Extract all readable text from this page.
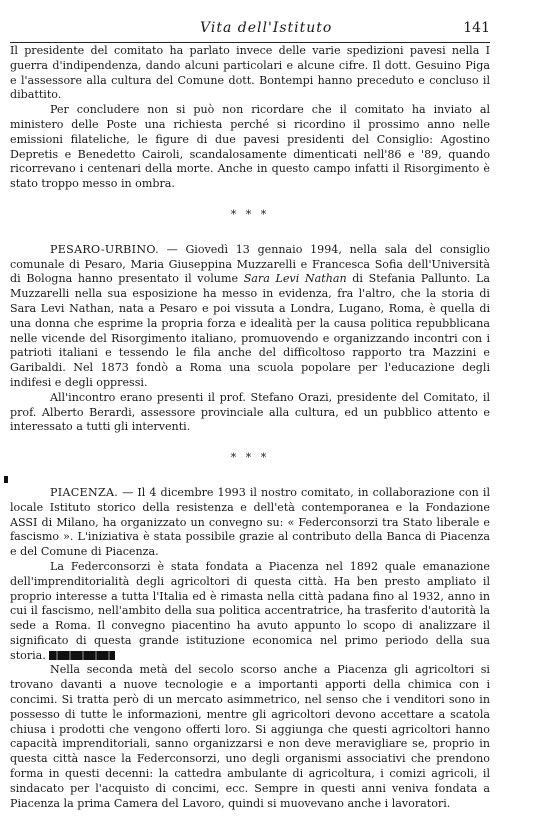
Vita dell'Istituto	141

Il presidente del comitato ha parlato invece delle varie spedizioni pavesi nella I guerra d'indipendenza, dando alcuni particolari e alcune cifre. Il dott. Gesuino Piga e l'assessore alla cultura del Comune dott. Bontempi hanno preceduto e concluso il dibattito.

Per concludere non si può non ricordare che il comitato ha inviato al ministero delle Poste una richiesta perché si ricordino il prossimo anno nelle emissioni filateliche, le figure di due pavesi presidenti del Consiglio: Agostino Depretis e Benedetto Cairoli, scandalosamente dimenticati nell'86 e '89, quando ricorrevano i centenari della morte. Anche in questo campo infatti il Risorgimento è stato troppo messo in ombra.

* * *

PESARO-URBINO. — Giovedì 13 gennaio 1994, nella sala del consiglio comunale di Pesaro, Maria Giuseppina Muzzarelli e Francesca Sofia dell'Università di Bologna hanno presentato il volume Sara Levi Nathan di Stefania Pallunto. La Muzzarelli nella sua esposizione ha messo in evidenza, fra l'altro, che la storia di Sara Levi Nathan, nata a Pesaro e poi vissuta a Londra, Lugano, Roma, è quella di una donna che esprime la propria forza e idealità per la causa politica repubblicana nelle vicende del Risorgimento italiano, promuovendo e organizzando incontri con i patrioti italiani e tessendo le fila anche del difficoltoso rapporto tra Mazzini e Garibaldi. Nel 1873 fondò a Roma una scuola popolare per l'educazione degli indifesi e degli oppressi.

All'incontro erano presenti il prof. Stefano Orazi, presidente del Comitato, il prof. Alberto Berardi, assessore provinciale alla cultura, ed un pubblico attento e interessato a tutti gli interventi.

* * *

PIACENZA. — Il 4 dicembre 1993 il nostro comitato, in collaborazione con il locale Istituto storico della resistenza e dell'età contemporanea e la Fondazione ASSI di Milano, ha organizzato un convegno su: « Federconsorzi tra Stato liberale e fascismo ». L'iniziativa è stata possibile grazie al contributo della Banca di Piacenza e del Comune di Piacenza.

La Federconsorzi è stata fondata a Piacenza nel 1892 quale emanazione dell'imprenditorialità degli agricoltori di questa città. Ha ben presto ampliato il proprio interesse a tutta l'Italia ed è rimasta nella città padana fino al 1932, anno in cui il fascismo, nell'ambito della sua politica accentratrice, ha trasferito d'autorità la sede a Roma. Il convegno piacentino ha avuto appunto lo scopo di analizzare il significato di questa grande istituzione economica nel primo periodo della sua storia.

Nella seconda metà del secolo scorso anche a Piacenza gli agricoltori si trovano davanti a nuove tecnologie e a importanti apporti della chimica con i concimi. Si tratta però di un mercato asimmetrico, nel senso che i venditori sono in possesso di tutte le informazioni, mentre gli agricoltori devono accettare a scatola chiusa i prodotti che vengono offerti loro. Si aggiunga che questi agricoltori hanno capacità imprenditoriali, sanno organizzarsi e non deve meravigliare se, proprio in questa città nasce la Federconsorzi, uno degli organismi associativi che prendono forma in questi decenni: la cattedra ambulante di agricoltura, i comizi agricoli, il sindacato per l'acquisto di concimi, ecc. Sempre in questi anni veniva fondata a Piacenza la prima Camera del Lavoro, quindi si muovevano anche i lavoratori.
